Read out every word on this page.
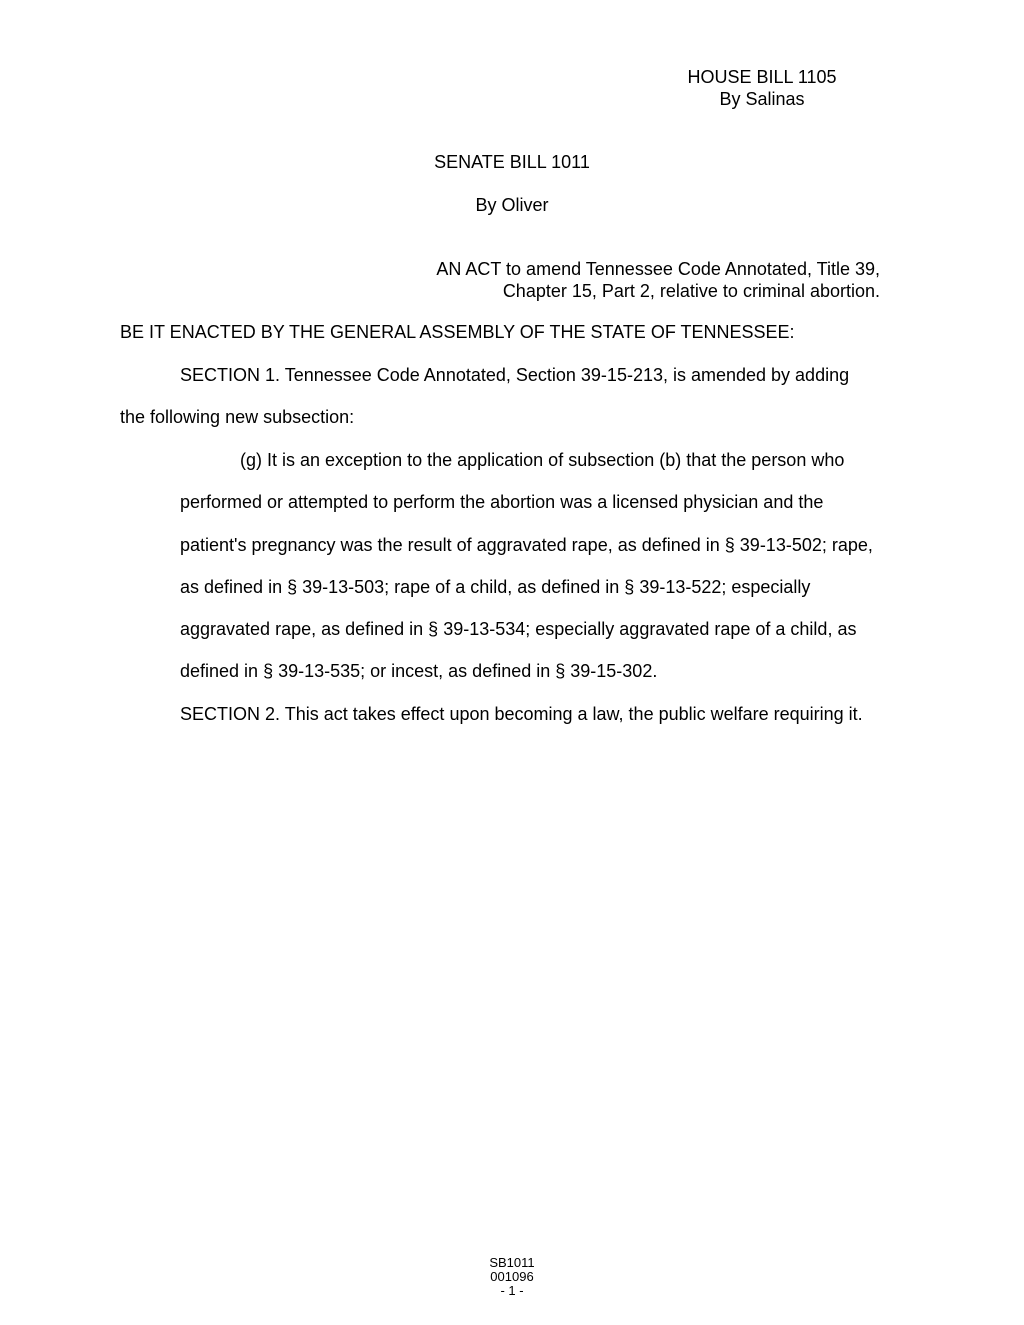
HOUSE BILL 1105
By Salinas
SENATE BILL 1011
By Oliver
AN ACT to amend Tennessee Code Annotated, Title 39,
Chapter 15, Part 2, relative to criminal abortion.
BE IT ENACTED BY THE GENERAL ASSEMBLY OF THE STATE OF TENNESSEE:
SECTION 1. Tennessee Code Annotated, Section 39-15-213, is amended by adding
the following new subsection:
(g) It is an exception to the application of subsection (b) that the person who
performed or attempted to perform the abortion was a licensed physician and the
patient's pregnancy was the result of aggravated rape, as defined in § 39-13-502; rape,
as defined in § 39-13-503; rape of a child, as defined in § 39-13-522; especially
aggravated rape, as defined in § 39-13-534; especially aggravated rape of a child, as
defined in § 39-13-535; or incest, as defined in § 39-15-302.
SECTION 2. This act takes effect upon becoming a law, the public welfare requiring it.
SB1011
001096
- 1 -
